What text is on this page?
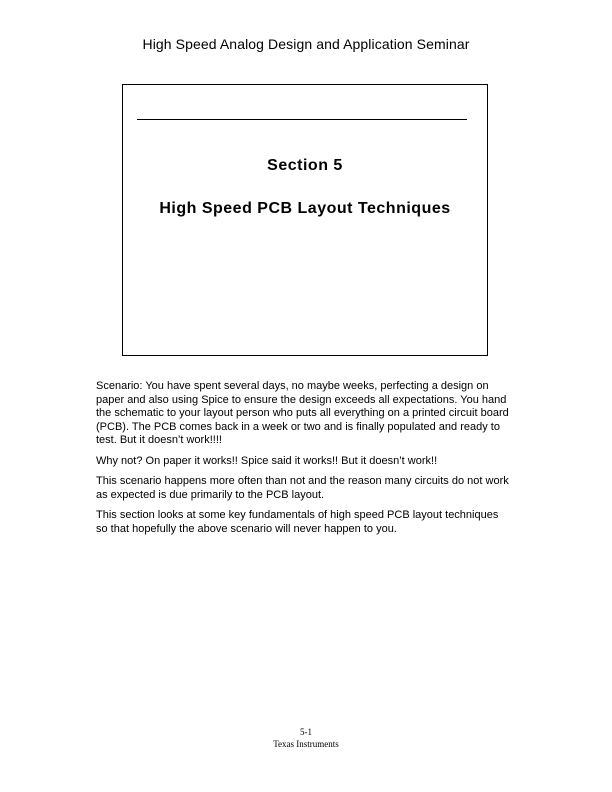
High Speed Analog Design and Application Seminar
Section 5
High Speed PCB Layout Techniques

Scenario: You have spent several days, no maybe weeks, perfecting a design on paper and also using Spice to ensure the design exceeds all expectations. You hand the schematic to your layout person who puts all everything on a printed circuit board (PCB). The PCB comes back in a week or two and is finally populated and ready to test. But it doesn’t work!!!!

Why not? On paper it works!! Spice said it works!! But it doesn’t work!!

This scenario happens more often than not and the reason many circuits do not work as expected is due primarily to the PCB layout.

This section looks at some key fundamentals of high speed PCB layout techniques so that hopefully the above scenario will never happen to you.

5-1
Texas Instruments
